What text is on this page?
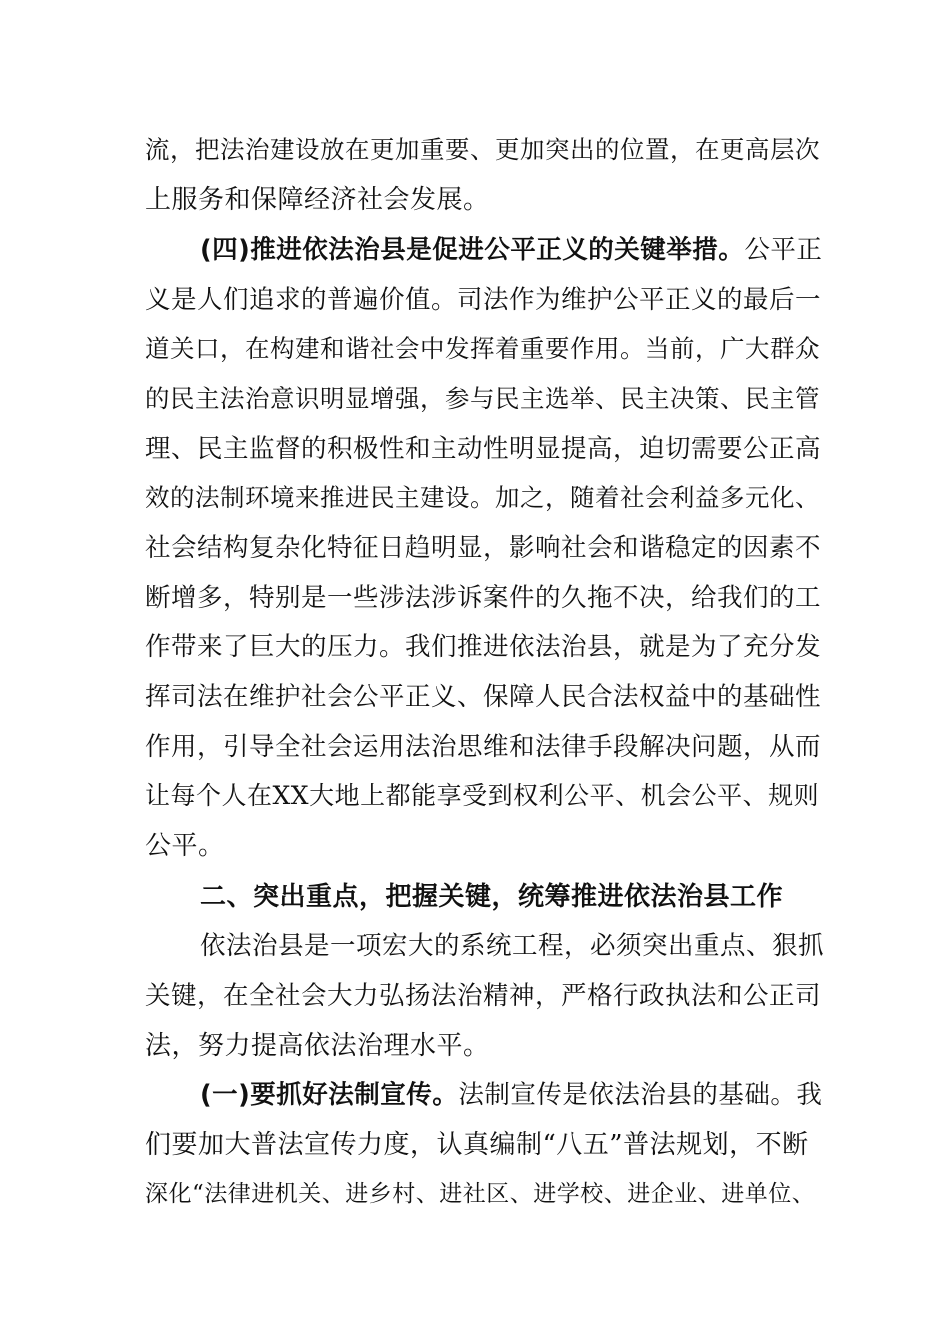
流，把法治建设放在更加重要、更加突出的位置，在更高层次
上服务和保障经济社会发展。
(四)推进依法治县是促进公平正义的关键举措。公平正
义是人们追求的普遍价值。司法作为维护公平正义的最后一
道关口，在构建和谐社会中发挥着重要作用。当前，广大群众
的民主法治意识明显增强，参与民主选举、民主决策、民主管
理、民主监督的积极性和主动性明显提高，迫切需要公正高
效的法制环境来推进民主建设。加之，随着社会利益多元化、
社会结构复杂化特征日趋明显，影响社会和谐稳定的因素不
断增多，特别是一些涉法涉诉案件的久拖不决，给我们的工
作带来了巨大的压力。我们推进依法治县，就是为了充分发
挥司法在维护社会公平正义、保障人民合法权益中的基础性
作用，引导全社会运用法治思维和法律手段解决问题，从而
让每个人在XX大地上都能享受到权利公平、机会公平、规则
公平。
二、突出重点，把握关键，统筹推进依法治县工作
依法治县是一项宏大的系统工程，必须突出重点、狠抓
关键，在全社会大力弘扬法治精神，严格行政执法和公正司
法，努力提高依法治理水平。
(一)要抓好法制宣传。法制宣传是依法治县的基础。我
们要加大普法宣传力度，认真编制“八五”普法规划，不断
深化“法律进机关、进乡村、进社区、进学校、进企业、进单位、
